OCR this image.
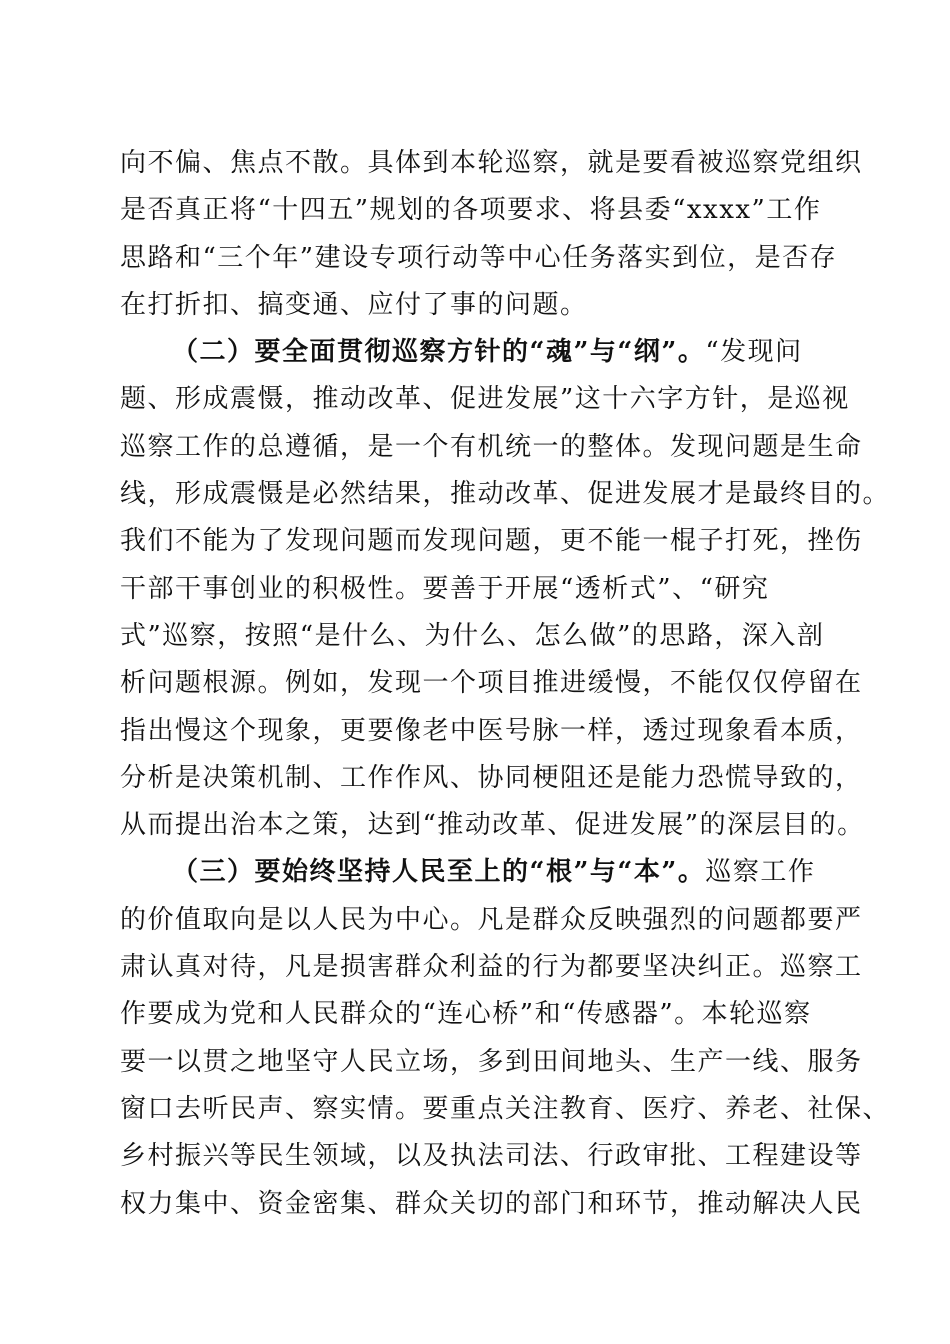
向不偏、焦点不散。具体到本轮巡察，就是要看被巡察党组织
是否真正将“十四五”规划的各项要求、将县委“xxxx”工作
思路和“三个年”建设专项行动等中心任务落实到位，是否存
在打折扣、搞变通、应付了事的问题。
（二）要全面贯彻巡察方针的“魂”与“纲”。“发现问
题、形成震慑，推动改革、促进发展”这十六字方针，是巡视
巡察工作的总遵循，是一个有机统一的整体。发现问题是生命
线，形成震慑是必然结果，推动改革、促进发展才是最终目的。
我们不能为了发现问题而发现问题，更不能一棍子打死，挫伤
干部干事创业的积极性。要善于开展“透析式”、“研究
式”巡察，按照“是什么、为什么、怎么做”的思路，深入剖
析问题根源。例如，发现一个项目推进缓慢，不能仅仅停留在
指出慢这个现象，更要像老中医号脉一样，透过现象看本质，
分析是决策机制、工作作风、协同梗阻还是能力恐慌导致的，
从而提出治本之策，达到“推动改革、促进发展”的深层目的。
（三）要始终坚持人民至上的“根”与“本”。巡察工作
的价值取向是以人民为中心。凡是群众反映强烈的问题都要严
肃认真对待，凡是损害群众利益的行为都要坚决纠正。巡察工
作要成为党和人民群众的“连心桥”和“传感器”。本轮巡察
要一以贯之地坚守人民立场，多到田间地头、生产一线、服务
窗口去听民声、察实情。要重点关注教育、医疗、养老、社保、
乡村振兴等民生领域，以及执法司法、行政审批、工程建设等
权力集中、资金密集、群众关切的部门和环节，推动解决人民
